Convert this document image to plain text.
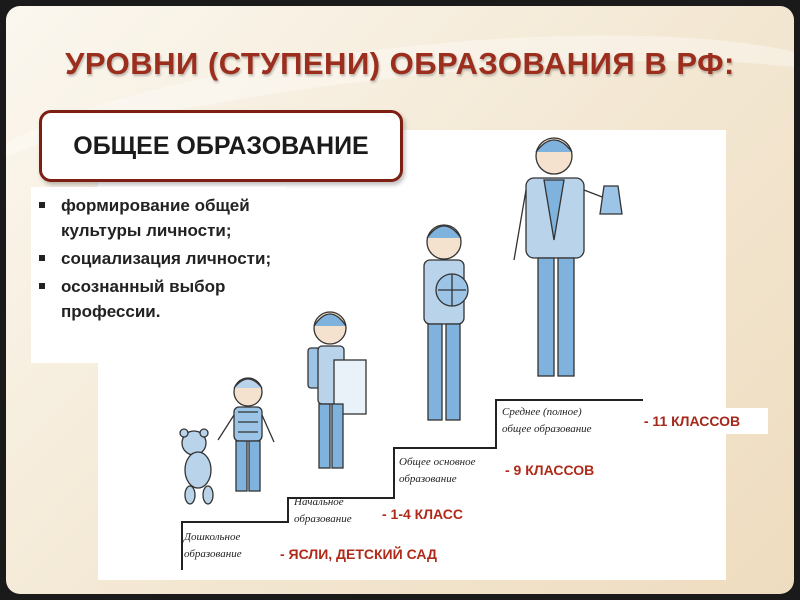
УРОВНИ (СТУПЕНИ) ОБРАЗОВАНИЯ В РФ:
Дошкольное
образование	- ЯСЛИ, ДЕТСКИЙ САД
Начальное
образование - 1-4 КЛАСС
Общее основное
образование
- 9 КЛАССОВ
Среднее (полное)
общее образование	- 11 КЛАССОВ
ОБЩЕЕ ОБРАЗОВАНИЕ
формирование общей культуры личности;
социализация личности;
осознанный выбор профессии.
